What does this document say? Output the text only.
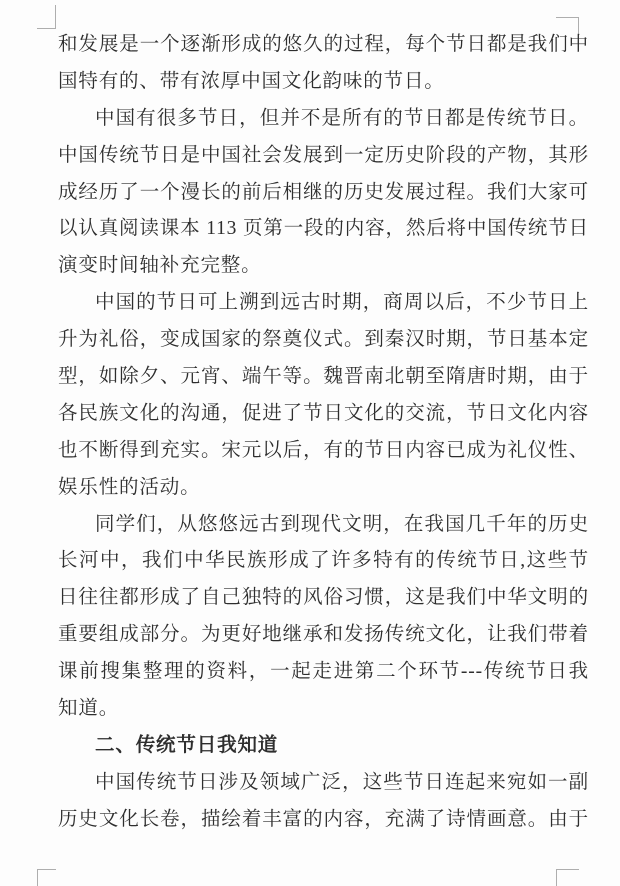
和发展是一个逐渐形成的悠久的过程，每个节日都是我们中
国特有的、带有浓厚中国文化韵味的节日。
中国有很多节日，但并不是所有的节日都是传统节日。
中国传统节日是中国社会发展到一定历史阶段的产物，其形
成经历了一个漫长的前后相继的历史发展过程。我们大家可
以认真阅读课本 113 页第一段的内容，然后将中国传统节日
演变时间轴补充完整。
中国的节日可上溯到远古时期，商周以后，不少节日上
升为礼俗，变成国家的祭奠仪式。到秦汉时期，节日基本定
型，如除夕、元宵、端午等。魏晋南北朝至隋唐时期，由于
各民族文化的沟通，促进了节日文化的交流，节日文化内容
也不断得到充实。宋元以后，有的节日内容已成为礼仪性、
娱乐性的活动。
同学们，从悠悠远古到现代文明，在我国几千年的历史
长河中，我们中华民族形成了许多特有的传统节日,这些节
日往往都形成了自己独特的风俗习惯，这是我们中华文明的
重要组成部分。为更好地继承和发扬传统文化，让我们带着
课前搜集整理的资料，一起走进第二个环节---传统节日我
知道。
二、传统节日我知道
中国传统节日涉及领域广泛，这些节日连起来宛如一副
历史文化长卷，描绘着丰富的内容，充满了诗情画意。由于
